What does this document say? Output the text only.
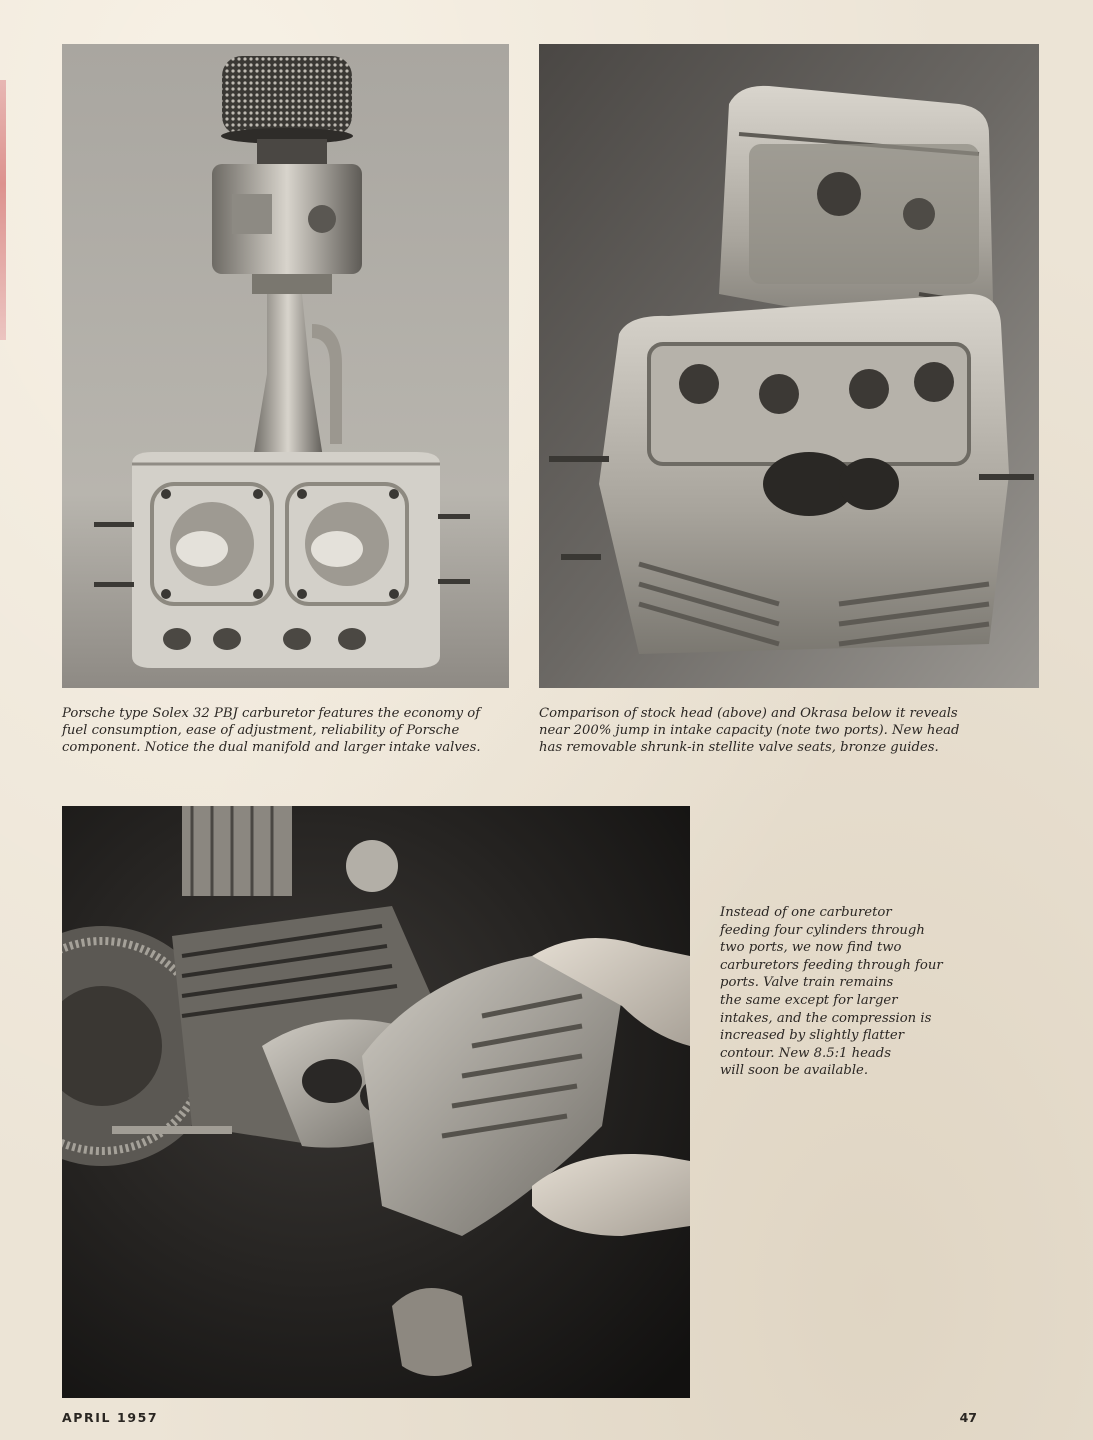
Porsche type Solex 32 PBJ carburetor features the economy of
fuel consumption, ease of adjustment, reliability of Porsche
component. Notice the dual manifold and larger intake valves.
Comparison of stock head (above) and Okrasa below it reveals
near 200% jump in intake capacity (note two ports). New head
has removable shrunk-in stellite valve seats, bronze guides.
Instead of one carburetor
feeding four cylinders through
two ports, we now find two
carburetors feeding through four
ports. Valve train remains
the same except for larger
intakes, and the compression is
increased by slightly flatter
contour. New 8.5:1 heads
will soon be available.
APRIL 1957	47
